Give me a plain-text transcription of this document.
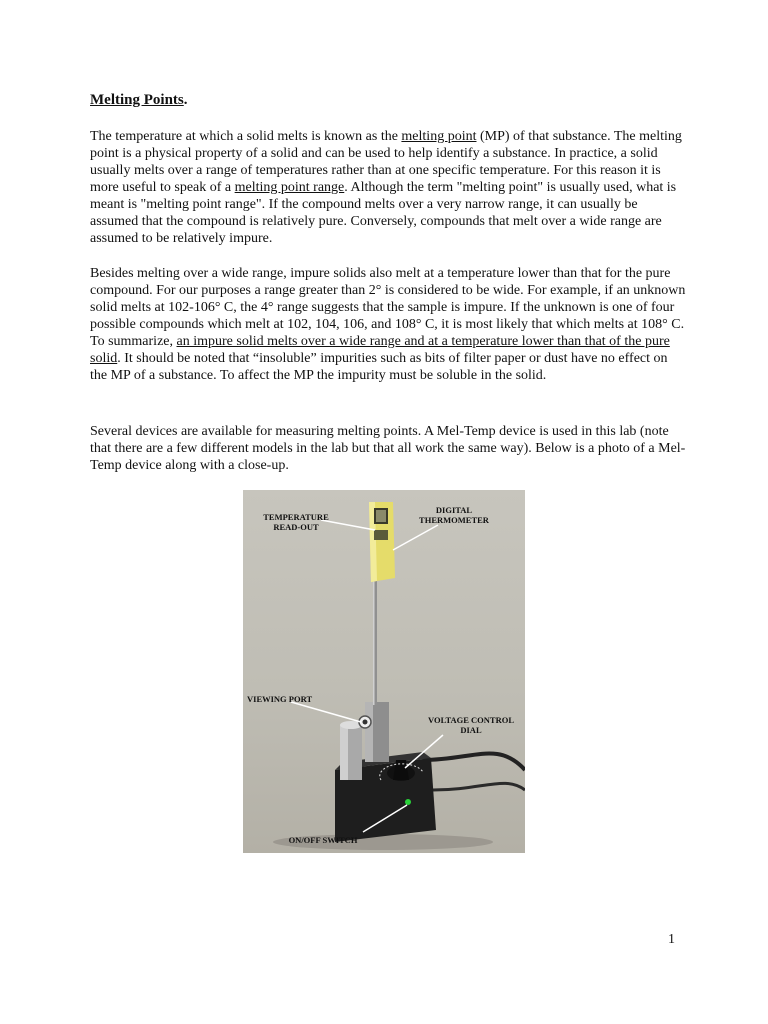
Melting Points.

The temperature at which a solid melts is known as the melting point (MP) of that substance. The melting point is a physical property of a solid and can be used to help identify a substance. In practice, a solid usually melts over a range of temperatures rather than at one specific temperature. For this reason it is more useful to speak of a melting point range. Although the term "melting point" is usually used, what is meant is "melting point range". If the compound melts over a very narrow range, it can usually be assumed that the compound is relatively pure. Conversely, compounds that melt over a wide range are assumed to be relatively impure.

Besides melting over a wide range, impure solids also melt at a temperature lower than that for the pure compound. For our purposes a range greater than 2° is considered to be wide. For example, if an unknown solid melts at 102-106° C, the 4° range suggests that the sample is impure. If the unknown is one of four possible compounds which melt at 102, 104, 106, and 108° C, it is most likely that which melts at 108° C. To summarize, an impure solid melts over a wide range and at a temperature lower than that of the pure solid. It should be noted that “insoluble” impurities such as bits of filter paper or dust have no effect on the MP of a substance. To affect the MP the impurity must be soluble in the solid.

Several devices are available for measuring melting points. A Mel-Temp device is used in this lab (note that there are a few different models in the lab but that all work the same way). Below is a photo of a Mel-Temp device along with a close-up.

TEMPERATURE READ-OUT
DIGITAL THERMOMETER
VIEWING PORT
VOLTAGE CONTROL DIAL
ON/OFF SWITCH
1
